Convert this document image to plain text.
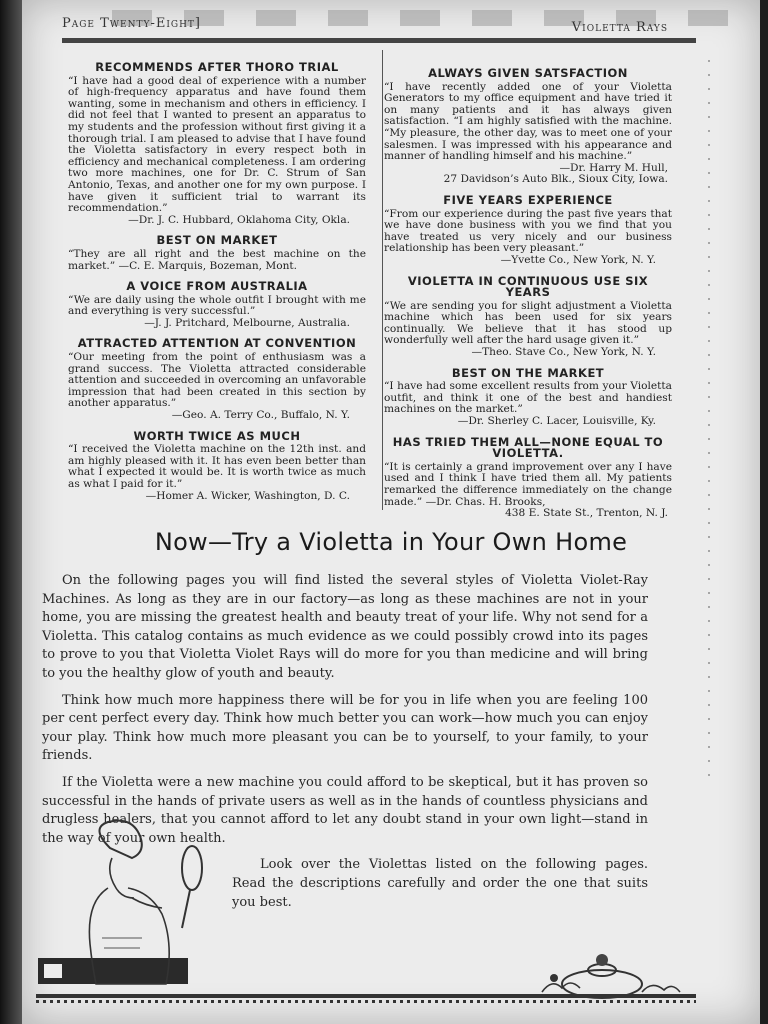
Page Twenty-Eight]	Violetta Rays
RECOMMENDS AFTER THORO TRIAL

“I have had a good deal of experience with a number of high-frequency apparatus and have found them wanting, some in mechanism and others in efficiency. I did not feel that I wanted to present an apparatus to my students and the profession without first giving it a thorough trial. I am pleased to advise that I have found the Violetta satisfactory in every respect both in efficiency and mechanical completeness. I am ordering two more machines, one for Dr. C. Strum of San Antonio, Texas, and another one for my own purpose. I have given it sufficient trial to warrant its recommendation.”

—Dr. J. C. Hubbard, Oklahoma City, Okla.

BEST ON MARKET

“They are all right and the best machine on the market.” —C. E. Marquis, Bozeman, Mont.

A VOICE FROM AUSTRALIA

“We are daily using the whole outfit I brought with me and everything is very successful.”

—J. J. Pritchard, Melbourne, Australia.

ATTRACTED ATTENTION AT CONVENTION

“Our meeting from the point of enthusiasm was a grand success. The Violetta attracted considerable attention and succeeded in overcoming an unfavorable impression that had been created in this section by another apparatus.”

—Geo. A. Terry Co., Buffalo, N. Y.

WORTH TWICE AS MUCH

“I received the Violetta machine on the 12th inst. and am highly pleased with it. It has even been better than what I expected it would be. It is worth twice as much as what I paid for it.”

—Homer A. Wicker, Washington, D. C.

ALWAYS GIVEN SATSFACTION

“I have recently added one of your Violetta Generators to my office equipment and have tried it on many patients and it has always given satisfaction. “I am highly satisfied with the machine. “My pleasure, the other day, was to meet one of your salesmen. I was impressed with his appearance and manner of handling himself and his machine.”

—Dr. Harry M. Hull,

27 Davidson’s Auto Blk., Sioux City, Iowa.

FIVE YEARS EXPERIENCE

“From our experience during the past five years that we have done business with you we find that you have treated us very nicely and our business relationship has been very pleasant.”

—Yvette Co., New York, N. Y.

VIOLETTA IN CONTINUOUS USE SIX YEARS

“We are sending you for slight adjustment a Violetta machine which has been used for six years continually. We believe that it has stood up wonderfully well after the hard usage given it.”

—Theo. Stave Co., New York, N. Y.

BEST ON THE MARKET

“I have had some excellent results from your Violetta outfit, and think it one of the best and handiest machines on the market.”

—Dr. Sherley C. Lacer, Louisville, Ky.

HAS TRIED THEM ALL—NONE EQUAL TO VIOLETTA.

“It is certainly a grand improvement over any I have used and I think I have tried them all. My patients remarked the difference immediately on the change made.” —Dr. Chas. H. Brooks,

438 E. State St., Trenton, N. J.

Now—Try a Violetta in Your Own Home

On the following pages you will find listed the several styles of Violetta Violet-Ray Machines. As long as they are in our factory—as long as these machines are not in your home, you are missing the greatest health and beauty treat of your life. Why not send for a Violetta. This catalog contains as much evidence as we could possibly crowd into its pages to prove to you that Violetta Violet Rays will do more for you than medicine and will bring to you the healthy glow of youth and beauty.

Think how much more happiness there will be for you in life when you are feeling 100 per cent perfect every day. Think how much better you can work—how much you can enjoy your play. Think how much more pleasant you can be to yourself, to your family, to your friends.

If the Violetta were a new machine you could afford to be skeptical, but it has proven so successful in the hands of private users as well as in the hands of countless physicians and drugless healers, that you cannot afford to let any doubt stand in your own light—stand in the way of your own health.

Look over the Violettas listed on the following pages. Read the descriptions carefully and order the one that suits you best.
